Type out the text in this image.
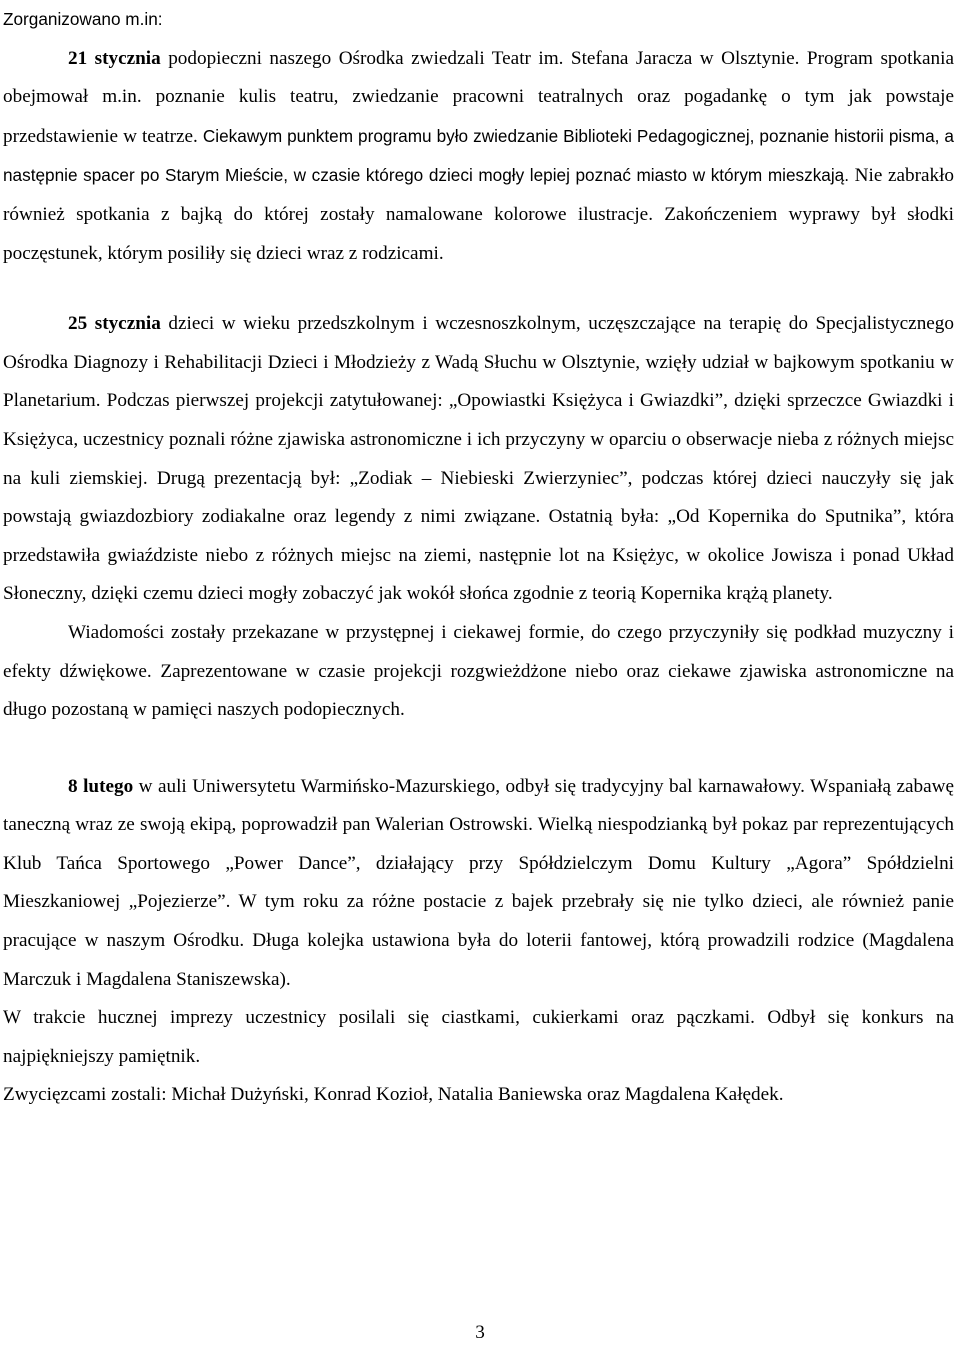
Zorganizowano m.in:

21 stycznia podopieczni naszego Ośrodka zwiedzali Teatr im. Stefana Jaracza w Olsztynie. Program spotkania obejmował m.in. poznanie kulis teatru, zwiedzanie pracowni teatralnych oraz pogadankę o tym jak powstaje przedstawienie w teatrze. Ciekawym punktem programu było zwiedzanie Biblioteki Pedagogicznej, poznanie historii pisma, a następnie spacer po Starym Mieście, w czasie którego dzieci mogły lepiej poznać miasto w którym mieszkają. Nie zabrakło również spotkania z bajką do której zostały namalowane kolorowe ilustracje. Zakończeniem wyprawy był słodki poczęstunek, którym posiliły się dzieci wraz z rodzicami.

25 stycznia dzieci w wieku przedszkolnym i wczesnoszkolnym, uczęszczające na terapię do Specjalistycznego Ośrodka Diagnozy i Rehabilitacji Dzieci i Młodzieży z Wadą Słuchu w Olsztynie, wzięły udział w bajkowym spotkaniu w Planetarium. Podczas pierwszej projekcji zatytułowanej: „Opowiastki Księżyca i Gwiazdki”, dzięki sprzeczce Gwiazdki i Księżyca, uczestnicy poznali różne zjawiska astronomiczne i ich przyczyny w oparciu o obserwacje nieba z różnych miejsc na kuli ziemskiej. Drugą prezentacją był: „Zodiak – Niebieski Zwierzyniec”, podczas której dzieci nauczyły się jak powstają gwiazdozbiory zodiakalne oraz legendy z nimi związane. Ostatnią była: „Od Kopernika do Sputnika”, która przedstawiła gwiaździste niebo z różnych miejsc na ziemi, następnie lot na Księżyc, w okolice Jowisza i ponad Układ Słoneczny, dzięki czemu dzieci mogły zobaczyć jak wokół słońca zgodnie z teorią Kopernika krążą planety.

Wiadomości zostały przekazane w przystępnej i ciekawej formie, do czego przyczyniły się podkład muzyczny i efekty dźwiękowe. Zaprezentowane w czasie projekcji rozgwieżdżone niebo oraz ciekawe zjawiska astronomiczne na długo pozostaną w pamięci naszych podopiecznych.

8 lutego w auli Uniwersytetu Warmińsko-Mazurskiego, odbył się tradycyjny bal karnawałowy. Wspaniałą zabawę taneczną wraz ze swoją ekipą, poprowadził pan Walerian Ostrowski. Wielką niespodzianką był pokaz par reprezentujących Klub Tańca Sportowego „Power Dance”, działający przy Spółdzielczym Domu Kultury „Agora” Spółdzielni Mieszkaniowej „Pojezierze”. W tym roku za różne postacie z bajek przebrały się nie tylko dzieci, ale również panie pracujące w naszym Ośrodku. Długa kolejka ustawiona była do loterii fantowej, którą prowadzili rodzice (Magdalena Marczuk i Magdalena Staniszewska).

W trakcie hucznej imprezy uczestnicy posilali się ciastkami, cukierkami oraz pączkami. Odbył się konkurs na najpiękniejszy pamiętnik.

Zwycięzcami zostali: Michał Dużyński, Konrad Kozioł, Natalia Baniewska oraz Magdalena Kałędek.

3
